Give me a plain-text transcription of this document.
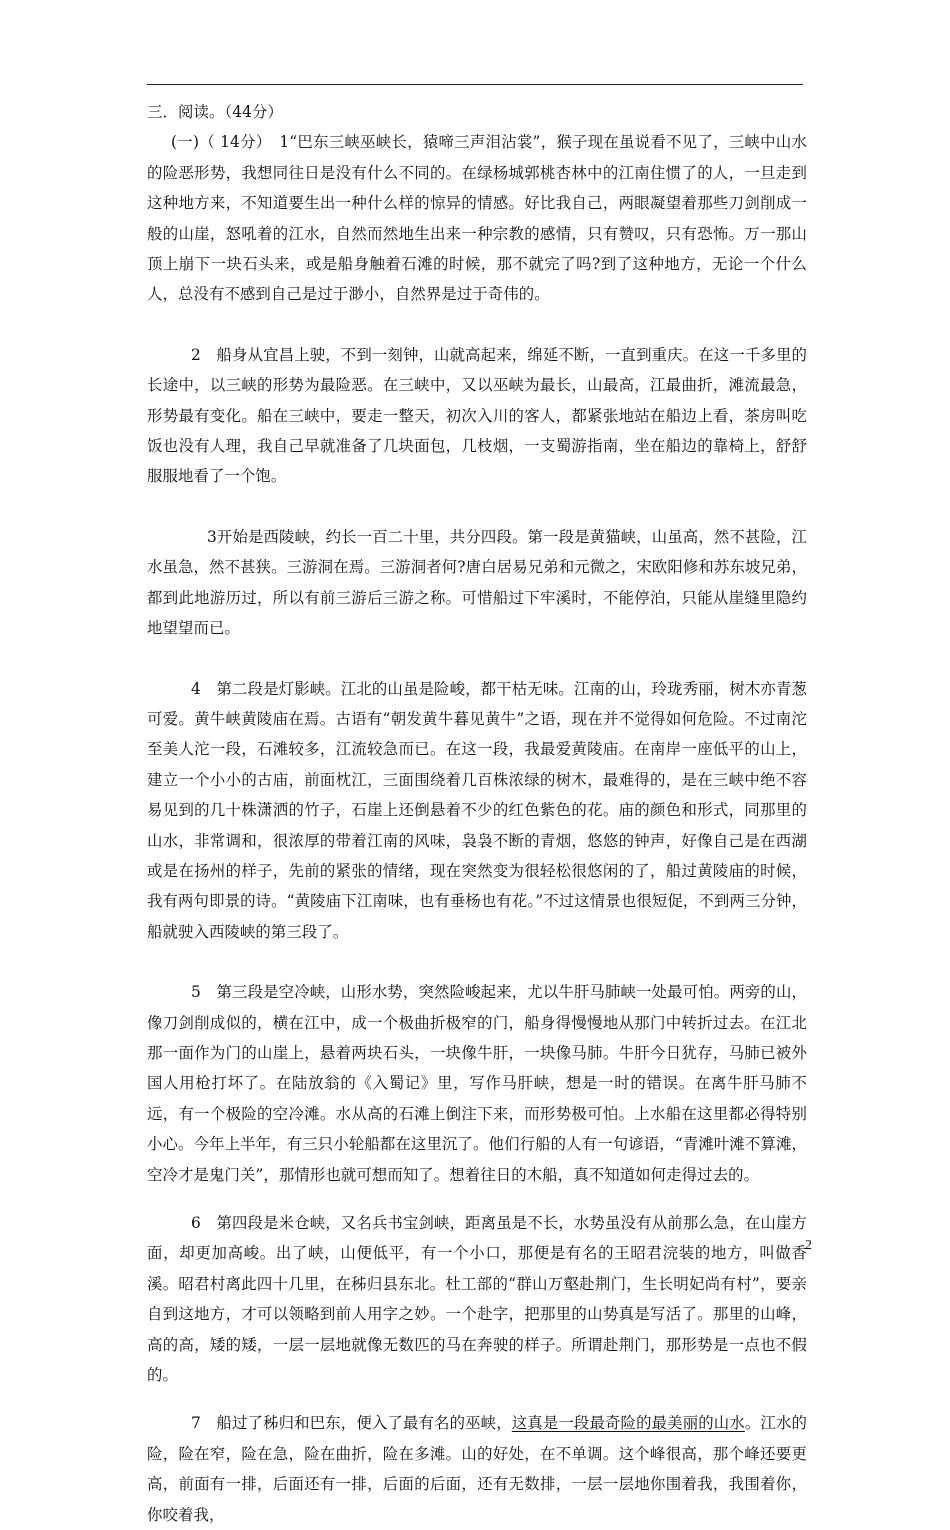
三．阅读。（44分）

(一)（ 14分）　1“巴东三峡巫峡长，猿啼三声泪沾裳”，猴子现在虽说看不见了，三峡中山水的险恶形势，我想同往日是没有什么不同的。在绿杨城郭桃杏林中的江南住惯了的人，一旦走到这种地方来，不知道要生出一种什么样的惊异的情感。好比我自己，两眼凝望着那些刀剑削成一般的山崖，怒吼着的江水，自然而然地生出来一种宗教的感情，只有赞叹，只有恐怖。万一那山顶上崩下一块石头来，或是船身触着石滩的时候，那不就完了吗?到了这种地方，无论一个什么人，总没有不感到自己是过于渺小，自然界是过于奇伟的。

2　船身从宜昌上驶，不到一刻钟，山就高起来，绵延不断，一直到重庆。在这一千多里的长途中，以三峡的形势为最险恶。在三峡中，又以巫峡为最长，山最高，江最曲折，滩流最急，形势最有变化。船在三峡中，要走一整天，初次入川的客人，都紧张地站在船边上看，茶房叫吃饭也没有人理，我自己早就准备了几块面包，几枝烟，一支蜀游指南，坐在船边的靠椅上，舒舒服服地看了一个饱。

3开始是西陵峡，约长一百二十里，共分四段。第一段是黄猫峡，山虽高，然不甚险，江水虽急，然不甚狭。三游洞在焉。三游洞者何?唐白居易兄弟和元微之，宋欧阳修和苏东坡兄弟，都到此地游历过，所以有前三游后三游之称。可惜船过下牢溪时，不能停泊，只能从崖缝里隐约地望望而已。

4　第二段是灯影峡。江北的山虽是险峻，都干枯无味。江南的山，玲珑秀丽，树木亦青葱可爱。黄牛峡黄陵庙在焉。古语有“朝发黄牛暮见黄牛”之语，现在并不觉得如何危险。不过南沱至美人沱一段，石滩较多，江流较急而已。在这一段，我最爱黄陵庙。在南岸一座低平的山上，建立一个小小的古庙，前面枕江，三面围绕着几百株浓绿的树木，最难得的，是在三峡中绝不容易见到的几十株潇洒的竹子，石崖上还倒悬着不少的红色紫色的花。庙的颜色和形式，同那里的山水，非常调和，很浓厚的带着江南的风味，袅袅不断的青烟，悠悠的钟声，好像自己是在西湖或是在扬州的样子，先前的紧张的情绪，现在突然变为很轻松很悠闲的了，船过黄陵庙的时候，我有两句即景的诗。“黄陵庙下江南味，也有垂杨也有花。”不过这情景也很短促，不到两三分钟，船就驶入西陵峡的第三段了。

5　第三段是空冷峡，山形水势，突然险峻起来，尤以牛肝马肺峡一处最可怕。两旁的山，像刀剑削成似的，横在江中，成一个极曲折极窄的门，船身得慢慢地从那门中转折过去。在江北那一面作为门的山崖上，悬着两块石头，一块像牛肝，一块像马肺。牛肝今日犹存，马肺已被外国人用枪打坏了。在陆放翁的《入蜀记》里，写作马肝峡，想是一时的错误。在离牛肝马肺不远，有一个极险的空冷滩。水从高的石滩上倒注下来，而形势极可怕。上水船在这里都必得特别小心。今年上半年，有三只小轮船都在这里沉了。他们行船的人有一句谚语，“青滩叶滩不算滩，空冷才是鬼门关”，那情形也就可想而知了。想着往日的木船，真不知道如何走得过去的。

6　第四段是米仓峡，又名兵书宝剑峡，距离虽是不长，水势虽没有从前那么急，在山崖方面，却更加高峻。出了峡，山便低平，有一个小口，那便是有名的王昭君浣装的地方，叫做香溪。昭君村离此四十几里，在秭归县东北。杜工部的“群山万壑赴荆门，生长明妃尚有村”，要亲自到这地方，才可以领略到前人用字之妙。一个赴字，把那里的山势真是写活了。那里的山峰，高的高，矮的矮，一层一层地就像无数匹的马在奔驶的样子。所谓赴荆门，那形势是一点也不假的。

7　船过了秭归和巴东，便入了最有名的巫峡，这真是一段最奇险的最美丽的山水。江水的险，险在窄，险在急，险在曲折，险在多滩。山的好处，在不单调。这个峰很高，那个峰还要更高，前面有一排，后面还有一排，后面的后面，还有无数排，一层一层地你围着我，我围着你，你咬着我，

2
